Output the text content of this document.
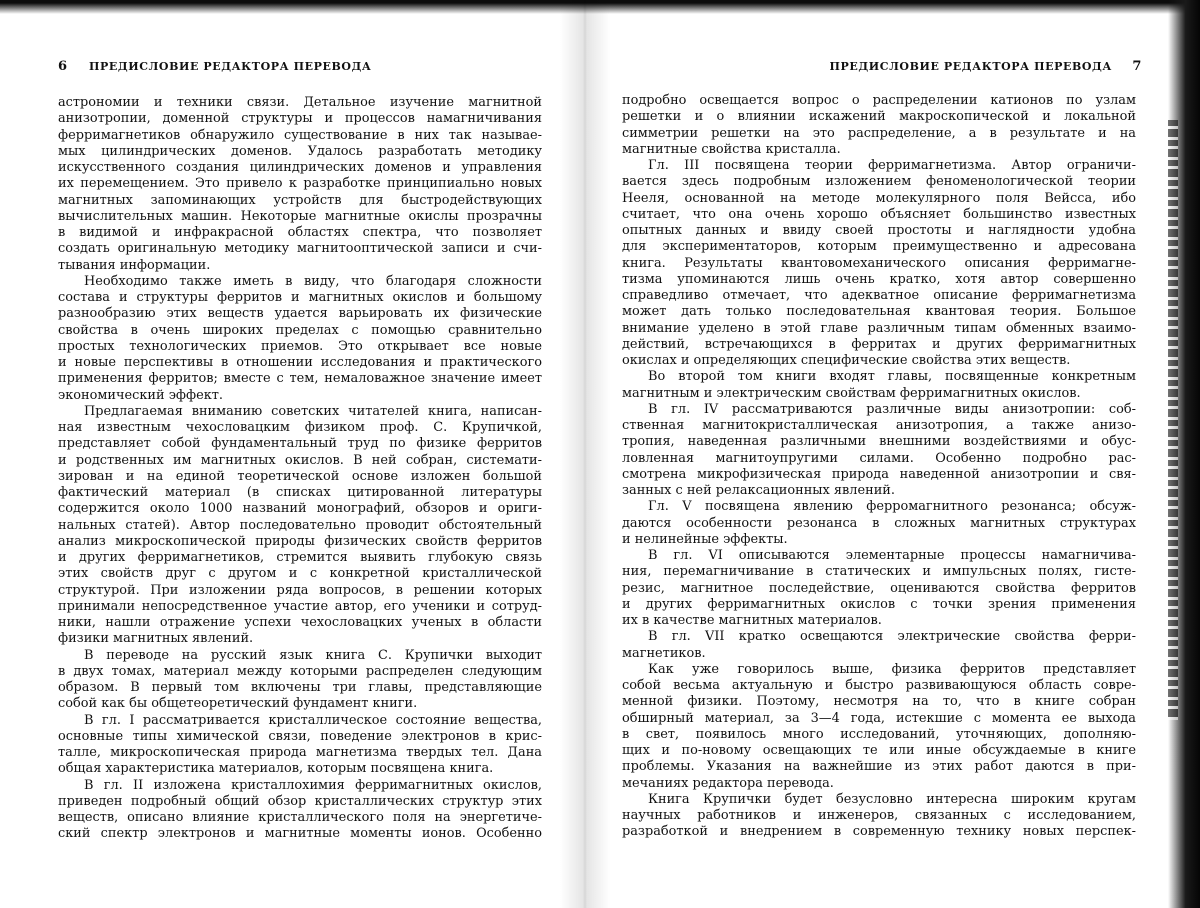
6 ПРЕДИСЛОВИЕ РЕДАКТОРА ПЕРЕВОДА
астрономии и техники связи. Детальное изучение магнитной
анизотропии, доменной структуры и процессов намагничивания
ферримагнетиков обнаружило существование в них так называе-
мых цилиндрических доменов. Удалось разработать методику
искусственного создания цилиндрических доменов и управления
их перемещением. Это привело к разработке принципиально новых
магнитных запоминающих устройств для быстродействующих
вычислительных машин. Некоторые магнитные окислы прозрачны
в видимой и инфракрасной областях спектра, что позволяет
создать оригинальную методику магнитооптической записи и счи-
тывания информации.
Необходимо также иметь в виду, что благодаря сложности
состава и структуры ферритов и магнитных окислов и большому
разнообразию этих веществ удается варьировать их физические
свойства в очень широких пределах с помощью сравнительно
простых технологических приемов. Это открывает все новые
и новые перспективы в отношении исследования и практического
применения ферритов; вместе с тем, немаловажное значение имеет
экономический эффект.
Предлагаемая вниманию советских читателей книга, написан-
ная известным чехословацким физиком проф. С. Крупичкой,
представляет собой фундаментальный труд по физике ферритов
и родственных им магнитных окислов. В ней собран, системати-
зирован и на единой теоретической основе изложен большой
фактический материал (в списках цитированной литературы
содержится около 1000 названий монографий, обзоров и ориги-
нальных статей). Автор последовательно проводит обстоятельный
анализ микроскопической природы физических свойств ферритов
и других ферримагнетиков, стремится выявить глубокую связь
этих свойств друг с другом и с конкретной кристаллической
структурой. При изложении ряда вопросов, в решении которых
принимали непосредственное участие автор, его ученики и сотруд-
ники, нашли отражение успехи чехословацких ученых в области
физики магнитных явлений.
В переводе на русский язык книга С. Крупички выходит
в двух томах, материал между которыми распределен следующим
образом. В первый том включены три главы, представляющие
собой как бы общетеоретический фундамент книги.
В гл. I рассматривается кристаллическое состояние вещества,
основные типы химической связи, поведение электронов в крис-
талле, микроскопическая природа магнетизма твердых тел. Дана
общая характеристика материалов, которым посвящена книга.
В гл. II изложена кристаллохимия ферримагнитных окислов,
приведен подробный общий обзор кристаллических структур этих
веществ, описано влияние кристаллического поля на энергетиче-
ский спектр электронов и магнитные моменты ионов. Особенно
ПРЕДИСЛОВИЕ РЕДАКТОРА ПЕРЕВОДА 7
подробно освещается вопрос о распределении катионов по узлам
решетки и о влиянии искажений макроскопической и локальной
симметрии решетки на это распределение, а в результате и на
магнитные свойства кристалла.
Гл. III посвящена теории ферримагнетизма. Автор ограничи-
вается здесь подробным изложением феноменологической теории
Нееля, основанной на методе молекулярного поля Вейсса, ибо
считает, что она очень хорошо объясняет большинство известных
опытных данных и ввиду своей простоты и наглядности удобна
для экспериментаторов, которым преимущественно и адресована
книга. Результаты квантовомеханического описания ферримагне-
тизма упоминаются лишь очень кратко, хотя автор совершенно
справедливо отмечает, что адекватное описание ферримагнетизма
может дать только последовательная квантовая теория. Большое
внимание уделено в этой главе различным типам обменных взаимо-
действий, встречающихся в ферритах и других ферримагнитных
окислах и определяющих специфические свойства этих веществ.
Во второй том книги входят главы, посвященные конкретным
магнитным и электрическим свойствам ферримагнитных окислов.
В гл. IV рассматриваются различные виды анизотропии: соб-
ственная магнитокристаллическая анизотропия, а также анизо-
тропия, наведенная различными внешними воздействиями и обус-
ловленная магнитоупругими силами. Особенно подробно рас-
смотрена микрофизическая природа наведенной анизотропии и свя-
занных с ней релаксационных явлений.
Гл. V посвящена явлению ферромагнитного резонанса; обсуж-
даются особенности резонанса в сложных магнитных структурах
и нелинейные эффекты.
В гл. VI описываются элементарные процессы намагничива-
ния, перемагничивание в статических и импульсных полях, гисте-
резис, магнитное последействие, оцениваются свойства ферритов
и других ферримагнитных окислов с точки зрения применения
их в качестве магнитных материалов.
В гл. VII кратко освещаются электрические свойства ферри-
магнетиков.
Как уже говорилось выше, физика ферритов представляет
собой весьма актуальную и быстро развивающуюся область совре-
менной физики. Поэтому, несмотря на то, что в книге собран
обширный материал, за 3—4 года, истекшие с момента ее выхода
в свет, появилось много исследований, уточняющих, дополняю-
щих и по-новому освещающих те или иные обсуждаемые в книге
проблемы. Указания на важнейшие из этих работ даются в при-
мечаниях редактора перевода.
Книга Крупички будет безусловно интересна широким кругам
научных работников и инженеров, связанных с исследованием,
разработкой и внедрением в современную технику новых перспек-
